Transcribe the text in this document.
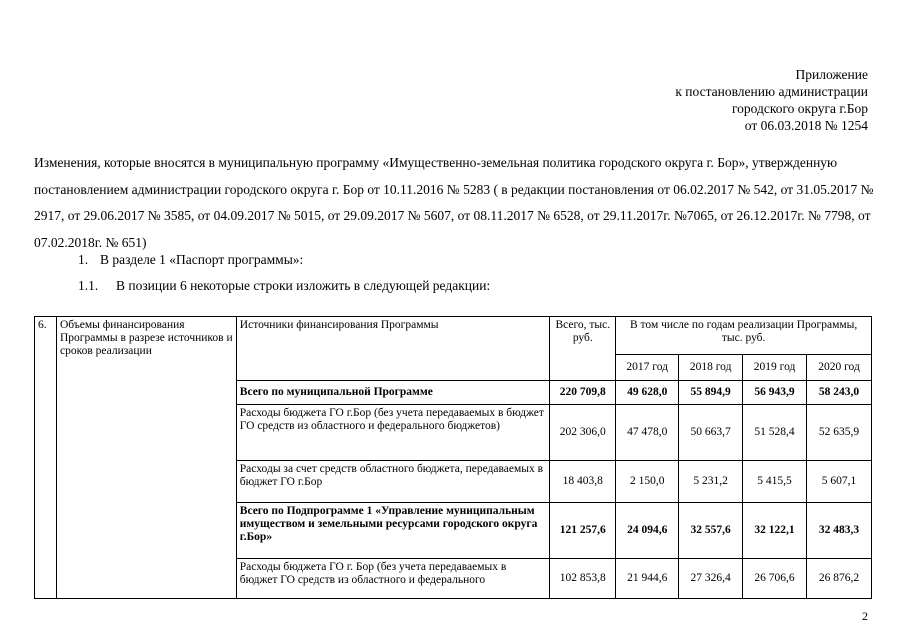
Приложение
к постановлению администрации
городского округа г.Бор
от 06.03.2018 № 1254
Изменения, которые вносятся в муниципальную программу «Имущественно-земельная политика городского округа г. Бор», утвержденную постановлением администрации городского округа г. Бор от 10.11.2016 № 5283 ( в редакции постановления от 06.02.2017 № 542, от 31.05.2017 № 2917, от 29.06.2017 № 3585, от 04.09.2017 № 5015, от 29.09.2017 № 5607, от 08.11.2017 № 6528, от 29.11.2017г. №7065, от 26.12.2017г. № 7798, от 07.02.2018г. № 651)
1. В разделе 1 «Паспорт программы»:
1.1. В позиции 6 некоторые строки изложить в следующей редакции:
6.	Объемы финансирования Программы в разрезе источников и сроков реализации	Источники финансирования Программы	Всего, тыс. руб.	В том числе по годам реализации Программы, тыс. руб.			
				2017 год	2018 год	2019 год	2020 год
		Всего по муниципальной Программе	220 709,8	49 628,0	55 894,9	56 943,9	58 243,0
		Расходы бюджета ГО г.Бор (без учета передаваемых в бюджет ГО средств из областного и федерального бюджетов)	202 306,0	47 478,0	50 663,7	51 528,4	52 635,9
		Расходы за счет средств областного бюджета, передаваемых в бюджет ГО г.Бор	18 403,8	2 150,0	5 231,2	5 415,5	5 607,1
		Всего по Подпрограмме 1 «Управление муниципальным имуществом и земельными ресурсами городского округа г.Бор»	121 257,6	24 094,6	32 557,6	32 122,1	32 483,3
		Расходы бюджета ГО г. Бор (без учета передаваемых в бюджет ГО средств из областного и федерального	102 853,8	21 944,6	27 326,4	26 706,6	26 876,2
2
